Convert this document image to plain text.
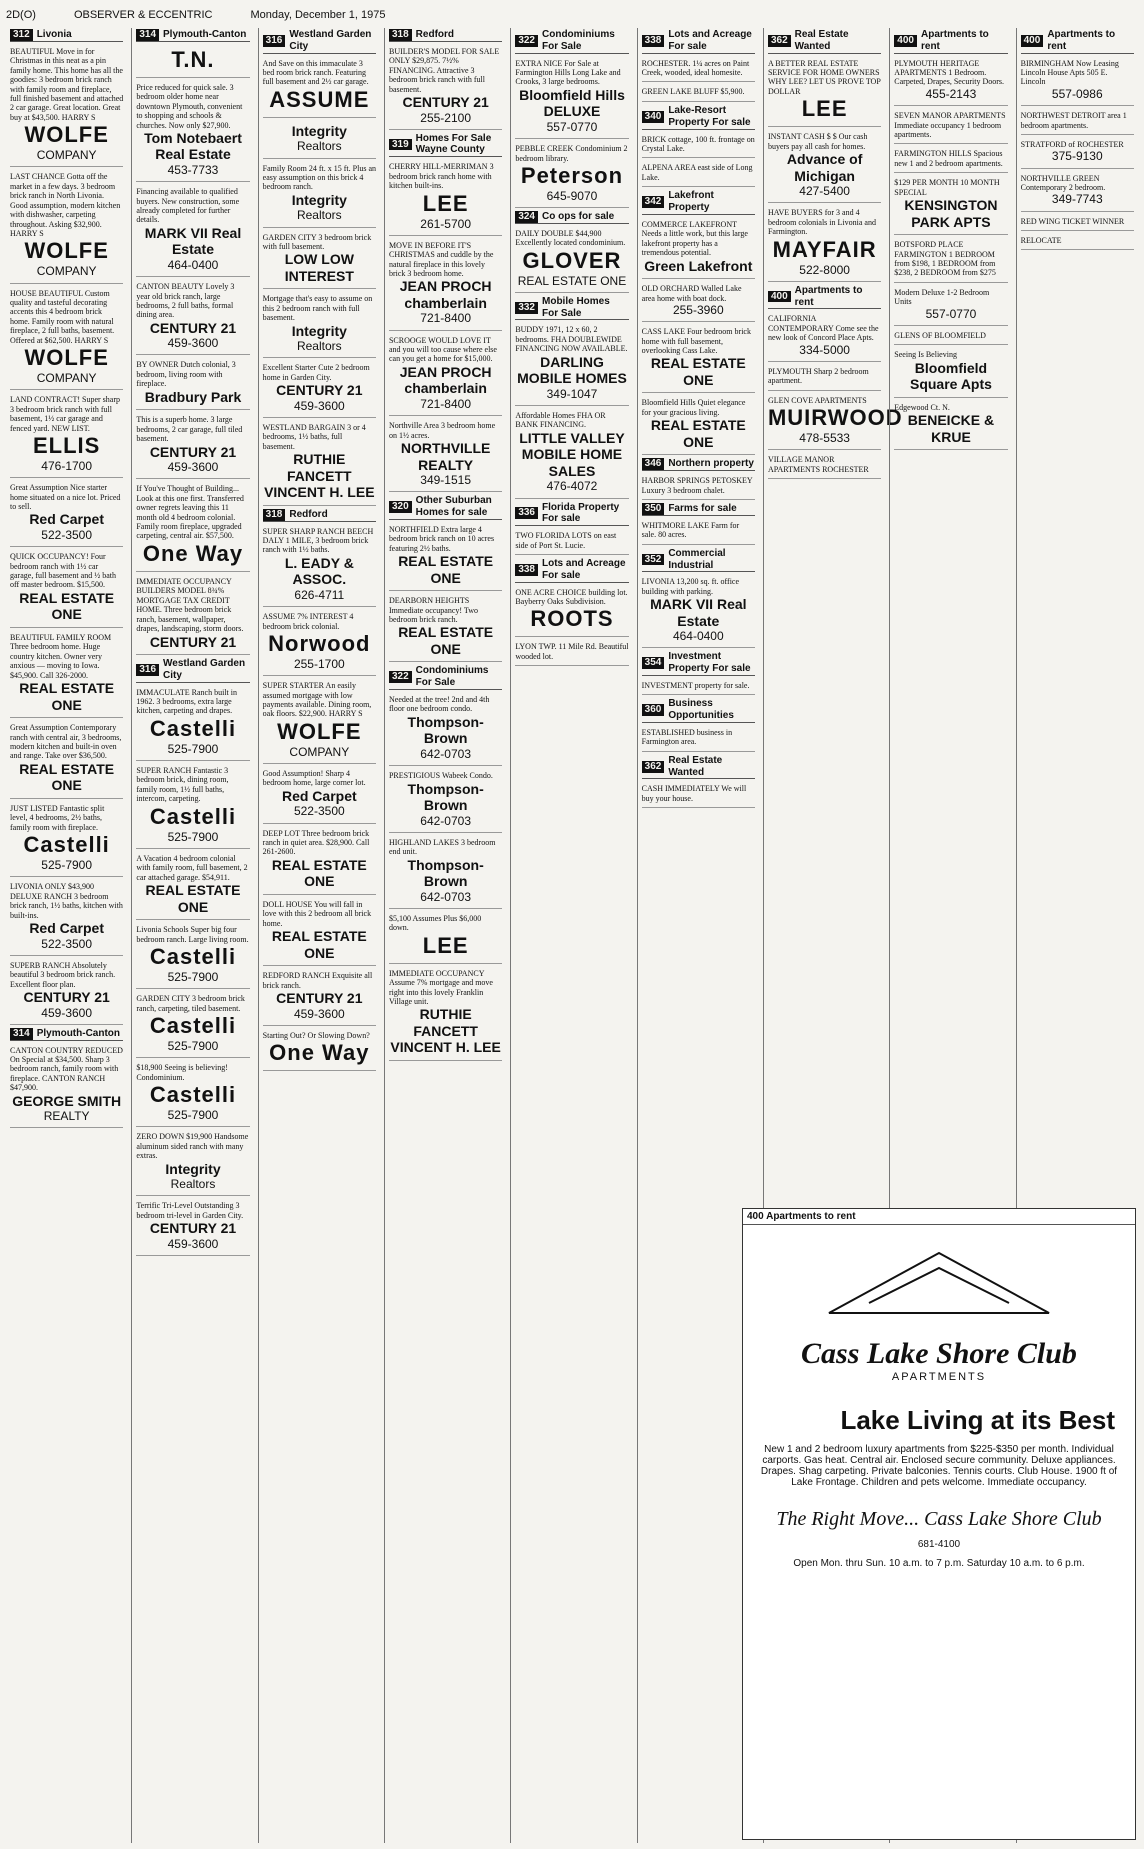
2D(O)	OBSERVER & ECCENTRIC	Monday, December 1, 1975
312 Livonia
BEAUTIFUL Move in for Christmas in this neat as a pin family home. This home has all the goodies: 3 bedroom brick ranch with family room and fireplace, full finished basement and attached 2 car garage. Great location. Great buy at $43,500. HARRY S
WOLFE
COMPANY
LAST CHANCE Gotta off the market in a few days. 3 bedroom brick ranch in North Livonia. Good assumption, modern kitchen with dishwasher, carpeting throughout. Asking $32,900. HARRY S
WOLFE
COMPANY
HOUSE BEAUTIFUL Custom quality and tasteful decorating accents this 4 bedroom brick home. Family room with natural fireplace, 2 full baths, basement. Offered at $62,500. HARRY S
WOLFE
COMPANY
LAND CONTRACT! Super sharp 3 bedroom brick ranch with full basement, 1½ car garage and fenced yard. NEW LIST.
ELLIS
476-1700
Great Assumption Nice starter home situated on a nice lot. Priced to sell.
Red Carpet
522-3500
QUICK OCCUPANCY! Four bedroom ranch with 1½ car garage, full basement and ½ bath off master bedroom. $15,500.
REAL ESTATE ONE
BEAUTIFUL FAMILY ROOM Three bedroom home. Huge country kitchen. Owner very anxious — moving to Iowa. $45,900. Call 326-2000.
REAL ESTATE ONE
Great Assumption Contemporary ranch with central air, 3 bedrooms, modern kitchen and built-in oven and range. Take over $36,500.
REAL ESTATE ONE
JUST LISTED Fantastic split level, 4 bedrooms, 2½ baths, family room with fireplace.
Castelli
525-7900
LIVONIA ONLY $43,900 DELUXE RANCH 3 bedroom brick ranch, 1½ baths, kitchen with built-ins.
Red Carpet
522-3500
SUPERB RANCH Absolutely beautiful 3 bedroom brick ranch. Excellent floor plan.
CENTURY 21
459-3600
314 Plymouth-Canton
CANTON COUNTRY REDUCED On Special at $34,500. Sharp 3 bedroom ranch, family room with fireplace. CANTON RANCH $47,900.
GEORGE SMITH
REALTY
314 Plymouth-Canton
T.N.
Price reduced for quick sale. 3 bedroom older home near downtown Plymouth, convenient to shopping and schools & churches. Now only $27,900.
Tom Notebaert Real Estate
453-7733
Financing available to qualified buyers. New construction, some already completed for further details.
MARK VII Real Estate
464-0400
CANTON BEAUTY Lovely 3 year old brick ranch, large bedrooms, 2 full baths, formal dining area.
CENTURY 21
459-3600
BY OWNER Dutch colonial, 3 bedroom, living room with fireplace.
Bradbury Park
This is a superb home. 3 large bedrooms, 2 car garage, full tiled basement.
CENTURY 21
459-3600
If You've Thought of Building... Look at this one first. Transferred owner regrets leaving this 11 month old 4 bedroom colonial. Family room fireplace, upgraded carpeting, central air. $57,500.
One Way
IMMEDIATE OCCUPANCY BUILDERS MODEL 8¾% MORTGAGE TAX CREDIT HOME. Three bedroom brick ranch, basement, wallpaper, drapes, landscaping, storm doors.
CENTURY 21
316
Westland Garden City
IMMACULATE Ranch built in 1962. 3 bedrooms, extra large kitchen, carpeting and drapes.
Castelli
525-7900
SUPER RANCH Fantastic 3 bedroom brick, dining room, family room, 1½ full baths, intercom, carpeting.
Castelli
525-7900
A Vacation 4 bedroom colonial with family room, full basement, 2 car attached garage. $54,911.
REAL ESTATE ONE
Livonia Schools Super big four bedroom ranch. Large living room.
Castelli
525-7900
GARDEN CITY 3 bedroom brick ranch, carpeting, tiled basement.
Castelli
525-7900
$18,900 Seeing is believing! Condominium.
Castelli
525-7900
ZERO DOWN $19,900 Handsome aluminum sided ranch with many extras.
Integrity
Realtors
Terrific Tri-Level Outstanding 3 bedroom tri-level in Garden City.
CENTURY 21
459-3600
316
Westland Garden City
And Save on this immaculate 3 bed room brick ranch. Featuring full basement and 2½ car garage.
ASSUME
Integrity
Realtors
Family Room 24 ft. x 15 ft. Plus an easy assumption on this brick 4 bedroom ranch.
Integrity
Realtors
GARDEN CITY 3 bedroom brick with full basement.
LOW LOW INTEREST
Mortgage that's easy to assume on this 2 bedroom ranch with full basement.
Integrity
Realtors
Excellent Starter Cute 2 bedroom home in Garden City.
CENTURY 21
459-3600
WESTLAND BARGAIN 3 or 4 bedrooms, 1½ baths, full basement.
RUTHIE FANCETT VINCENT H. LEE
318 Redford
SUPER SHARP RANCH BEECH DALY 1 MILE, 3 bedroom brick ranch with 1½ baths.
L. EADY & ASSOC.
626-4711
ASSUME 7% INTEREST 4 bedroom brick colonial.
Norwood
255-1700
SUPER STARTER An easily assumed mortgage with low payments available. Dining room, oak floors. $22,900. HARRY S
WOLFE
COMPANY
Good Assumption! Sharp 4 bedroom home, large corner lot.
Red Carpet
522-3500
DEEP LOT Three bedroom brick ranch in quiet area. $28,900. Call 261-2600.
REAL ESTATE ONE
DOLL HOUSE You will fall in love with this 2 bedroom all brick home.
REAL ESTATE ONE
REDFORD RANCH Exquisite all brick ranch.
CENTURY 21
459-3600
Starting Out? Or Slowing Down?
One Way
318 Redford
BUILDER'S MODEL FOR SALE ONLY $29,875. 7½% FINANCING. Attractive 3 bedroom brick ranch with full basement.
CENTURY 21
255-2100
319
Homes For Sale Wayne County
CHERRY HILL-MERRIMAN 3 bedroom brick ranch home with kitchen built-ins.
LEE
261-5700
MOVE IN BEFORE IT'S CHRISTMAS and cuddle by the natural fireplace in this lovely brick 3 bedroom home.
JEAN PROCH chamberlain
721-8400
SCROOGE WOULD LOVE IT and you will too cause where else can you get a home for $15,000.
JEAN PROCH chamberlain
721-8400
Northville Area 3 bedroom home on 1½ acres.
NORTHVILLE REALTY
349-1515
320
Other Suburban Homes for sale
NORTHFIELD Extra large 4 bedroom brick ranch on 10 acres featuring 2½ baths.
REAL ESTATE ONE
DEARBORN HEIGHTS Immediate occupancy! Two bedroom brick ranch.
REAL ESTATE ONE
322
Condominiums For Sale
Needed at the tree! 2nd and 4th floor one bedroom condo.
Thompson-Brown
642-0703
PRESTIGIOUS Wabeek Condo.
Thompson-Brown
642-0703
HIGHLAND LAKES 3 bedroom end unit.
Thompson-Brown
642-0703
$5,100 Assumes Plus $6,000 down.
LEE
IMMEDIATE OCCUPANCY Assume 7% mortgage and move right into this lovely Franklin Village unit.
RUTHIE FANCETT VINCENT H. LEE
322
Condominiums For Sale
EXTRA NICE For Sale at Farmington Hills Long Lake and Crooks, 3 large bedrooms.
Bloomfield Hills DELUXE
557-0770
PEBBLE CREEK Condominium 2 bedroom library.
Peterson
645-9070
324 Co ops for sale
DAILY DOUBLE $44,900 Excellently located condominium.
GLOVER
REAL ESTATE ONE
332
Mobile Homes For Sale
BUDDY 1971, 12 x 60, 2 bedrooms. FHA DOUBLEWIDE FINANCING NOW AVAILABLE.
DARLING MOBILE HOMES
349-1047
Affordable Homes FHA OR BANK FINANCING.
LITTLE VALLEY MOBILE HOME SALES
476-4072
336
Florida Property For sale
TWO FLORIDA LOTS on east side of Port St. Lucie.
338
Lots and Acreage For sale
ONE ACRE CHOICE building lot. Bayberry Oaks Subdivision.
ROOTS
LYON TWP. 11 Mile Rd. Beautiful wooded lot.
338
Lots and Acreage For sale
ROCHESTER. 1¼ acres on Paint Creek, wooded, ideal homesite.
GREEN LAKE BLUFF $5,900.
340
Lake-Resort Property For sale
BRICK cottage, 100 ft. frontage on Crystal Lake.
ALPENA AREA east side of Long Lake.
342
Lakefront Property
COMMERCE LAKEFRONT Needs a little work, but this large lakefront property has a tremendous potential.
Green Lakefront
OLD ORCHARD Walled Lake area home with boat dock.
255-3960
CASS LAKE Four bedroom brick home with full basement, overlooking Cass Lake.
REAL ESTATE ONE
Bloomfield Hills Quiet elegance for your gracious living.
REAL ESTATE ONE
346 Northern property
HARBOR SPRINGS PETOSKEY Luxury 3 bedroom chalet.
350 Farms for sale
WHITMORE LAKE Farm for sale. 80 acres.
352
Commercial Industrial
LIVONIA 13,200 sq. ft. office building with parking.
MARK VII Real Estate
464-0400
354
Investment Property For sale
INVESTMENT property for sale.
360
Business Opportunities
ESTABLISHED business in Farmington area.
362
Real Estate Wanted
CASH IMMEDIATELY We will buy your house.
362
Real Estate Wanted
A BETTER REAL ESTATE SERVICE FOR HOME OWNERS WHY LEE? LET US PROVE TOP DOLLAR
LEE
INSTANT CASH $ $ Our cash buyers pay all cash for homes.
Advance of Michigan
427-5400
HAVE BUYERS for 3 and 4 bedroom colonials in Livonia and Farmington.
MAYFAIR
522-8000
400
Apartments to rent
CALIFORNIA CONTEMPORARY Come see the new look of Concord Place Apts.
334-5000
PLYMOUTH Sharp 2 bedroom apartment.
GLEN COVE APARTMENTS
MUIRWOOD
478-5533
VILLAGE MANOR APARTMENTS ROCHESTER
400
Apartments to rent
PLYMOUTH HERITAGE APARTMENTS 1 Bedroom. Carpeted, Drapes, Security Doors.
455-2143
SEVEN MANOR APARTMENTS Immediate occupancy 1 bedroom apartments.
FARMINGTON HILLS Spacious new 1 and 2 bedroom apartments.
$129 PER MONTH 10 MONTH SPECIAL
KENSINGTON PARK APTS
BOTSFORD PLACE FARMINGTON 1 BEDROOM from $198, 1 BEDROOM from $238, 2 BEDROOM from $275
Modern Deluxe 1-2 Bedroom Units
557-0770
GLENS OF BLOOMFIELD
Seeing Is Believing
Bloomfield Square Apts
Edgewood Ct. N.
BENEICKE & KRUE
400
Apartments to rent
BIRMINGHAM Now Leasing Lincoln House Apts 505 E. Lincoln
557-0986
NORTHWEST DETROIT area 1 bedroom apartments.
STRATFORD of ROCHESTER
375-9130
NORTHVILLE GREEN Contemporary 2 bedroom.
349-7743
RED WING TICKET WINNER
RELOCATE
400 Apartments to rent
Cass Lake Shore Club
APARTMENTS
Lake Living at its Best
New 1 and 2 bedroom luxury apartments from $225-$350 per month. Individual carports. Gas heat. Central air. Enclosed secure community. Deluxe appliances. Drapes. Shag carpeting. Private balconies. Tennis courts. Club House. 1900 ft of Lake Frontage. Children and pets welcome. Immediate occupancy.
The Right Move... Cass Lake Shore Club
681-4100
Open Mon. thru Sun. 10 a.m. to 7 p.m. Saturday 10 a.m. to 6 p.m.
